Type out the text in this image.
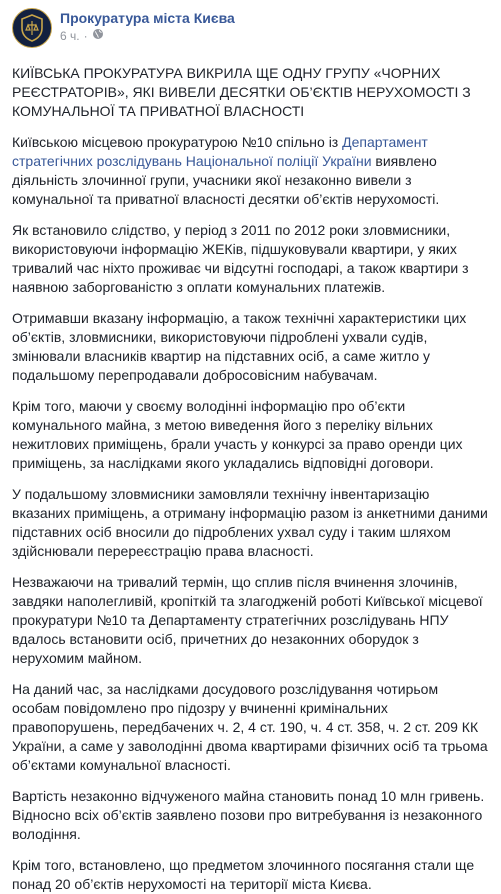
Прокуратура міста Києва
6 ч. ·

КИЇВСЬКА ПРОКУРАТУРА ВИКРИЛА ЩЕ ОДНУ ГРУПУ «ЧОРНИХ РЕЄСТРАТОРІВ», ЯКІ ВИВЕЛИ ДЕСЯТКИ ОБ’ЄКТІВ НЕРУХОМОСТІ З КОМУНАЛЬНОЇ ТА ПРИВАТНОЇ ВЛАСНОСТІ

Київською місцевою прокуратурою №10 спільно із Департамент стратегічних розслідувань Національної поліції України виявлено діяльність злочинної групи, учасники якої незаконно вивели з комунальної та приватної власності десятки об’єктів нерухомості.

Як встановило слідство, у період з 2011 по 2012 роки зловмисники, використовуючи інформацію ЖЕКів, підшуковували квартири, у яких тривалий час ніхто проживає чи відсутні господарі, а також квартири з наявною заборгованістю з оплати комунальних платежів.

Отримавши вказану інформацію, а також технічні характеристики цих об’єктів, зловмисники, використовуючи підроблені ухвали судів, змінювали власників квартир на підставних осіб, а саме житло у подальшому перепродавали добросовісним набувачам.

Крім того, маючи у своєму володінні інформацію про об’єкти комунального майна, з метою виведення його з переліку вільних нежитлових приміщень, брали участь у конкурсі за право оренди цих приміщень, за наслідками якого укладались відповідні договори.

У подальшому зловмисники замовляли технічну інвентаризацію вказаних приміщень, а отриману інформацію разом із анкетними даними підставних осіб вносили до підроблених ухвал суду і таким шляхом здійснювали перереєстрацію права власності.

Незважаючи на тривалий термін, що сплив після вчинення злочинів, завдяки наполегливій, кропіткій та злагодженій роботі Київської місцевої прокуратури №10 та Департаменту стратегічних розслідувань НПУ вдалось встановити осіб, причетних до незаконних оборудок з нерухомим майном.

На даний час, за наслідками досудового розслідування чотирьом особам повідомлено про підозру у вчиненні кримінальних правопорушень, передбачених ч. 2, 4 ст. 190, ч. 4 ст. 358, ч. 2 ст. 209 КК України, а саме у заволодінні двома квартирами фізичних осіб та трьома об’єктами комунальної власності.

Вартість незаконно відчуженого майна становить понад 10 млн гривень. Відносно всіх об’єктів заявлено позови про витребування із незаконного володіння.

Крім того, встановлено, що предметом злочинного посягання стали ще понад 20 об’єктів нерухомості на території міста Києва.
